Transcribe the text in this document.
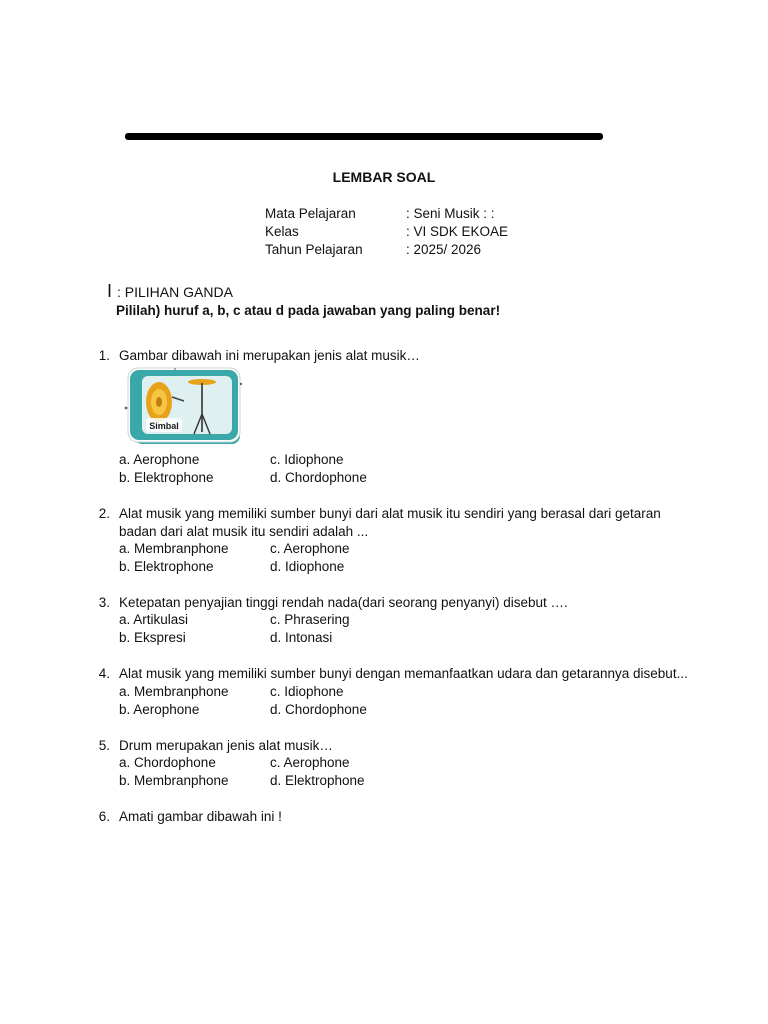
LEMBAR SOAL
Mata Pelajaran	: Seni Musik : :
Kelas	: VI SDK EKOAE
Tahun Pelajaran	: 2025/ 2026
I : PILIHAN GANDA
Pililah) huruf a, b, c atau d pada jawaban yang paling benar!
1. Gambar dibawah ini merupakan jenis alat musik…
Simbal
a. Aerophone	c. Idiophone
b. Elektrophone	d. Chordophone
2. Alat musik yang memiliki sumber bunyi dari alat musik itu sendiri yang berasal dari getaran
badan dari alat musik itu sendiri adalah ...
a. Membranphone	c. Aerophone
b. Elektrophone	d. Idiophone
3. Ketepatan penyajian tinggi rendah nada(dari seorang penyanyi) disebut ….
a. Artikulasi	c. Phrasering
b. Ekspresi	d. Intonasi
4. Alat musik yang memiliki sumber bunyi dengan memanfaatkan udara dan getarannya disebut...
a. Membranphone	c. Idiophone
b. Aerophone	d. Chordophone
5. Drum merupakan jenis alat musik…
a. Chordophone	c. Aerophone
b. Membranphone	d. Elektrophone
6. Amati gambar dibawah ini !
